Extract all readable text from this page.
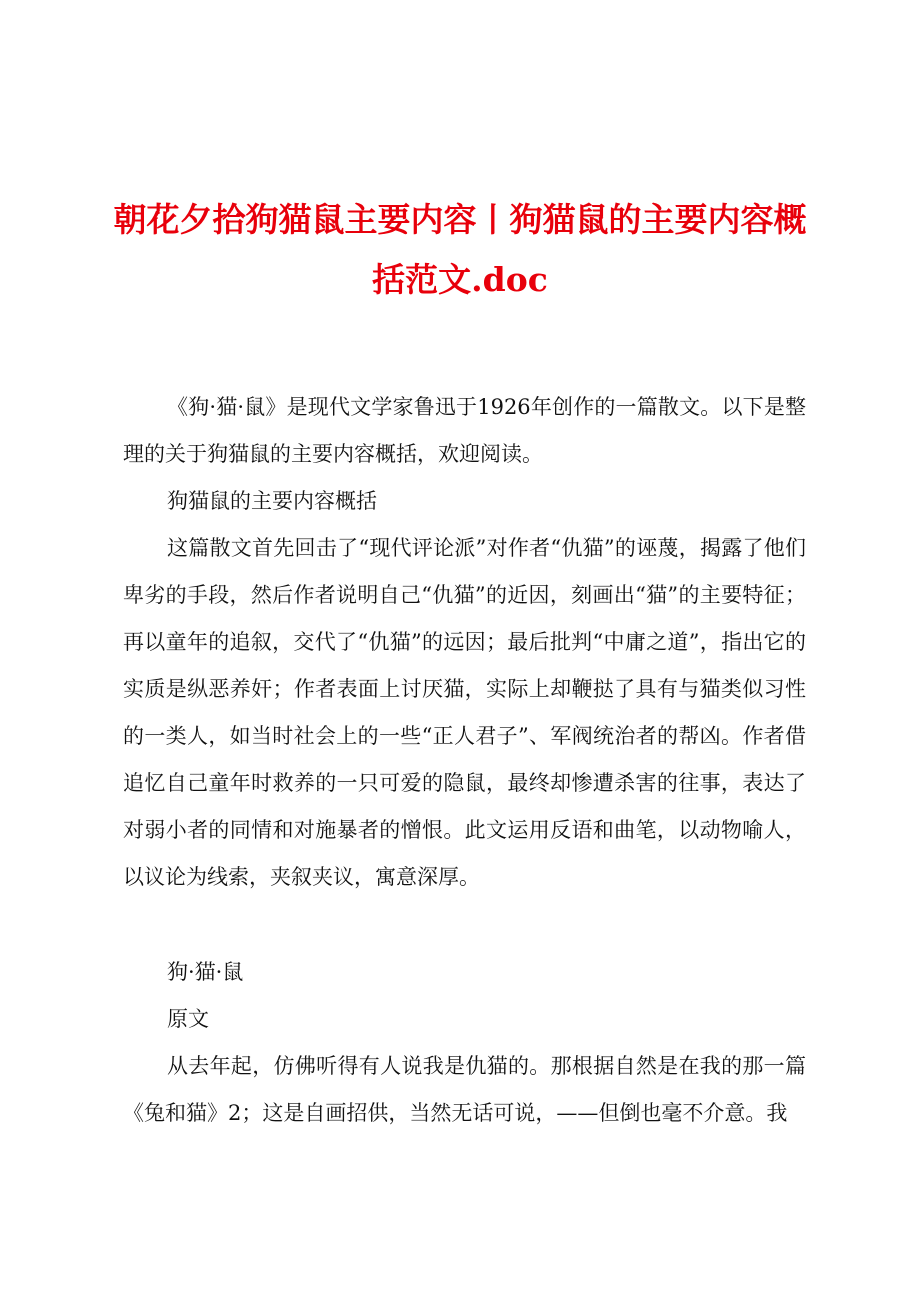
朝花夕拾狗猫鼠主要内容丨狗猫鼠的主要内容概括范文.doc

《狗·猫·鼠》是现代文学家鲁迅于1926年创作的一篇散文。以下是整理的关于狗猫鼠的主要内容概括，欢迎阅读。

狗猫鼠的主要内容概括

这篇散文首先回击了“现代评论派”对作者“仇猫”的诬蔑，揭露了他们卑劣的手段，然后作者说明自己“仇猫”的近因，刻画出“猫”的主要特征；再以童年的追叙，交代了“仇猫”的远因；最后批判“中庸之道”，指出它的实质是纵恶养奸；作者表面上讨厌猫，实际上却鞭挞了具有与猫类似习性的一类人，如当时社会上的一些“正人君子”、军阀统治者的帮凶。作者借追忆自己童年时救养的一只可爱的隐鼠，最终却惨遭杀害的往事，表达了对弱小者的同情和对施暴者的憎恨。此文运用反语和曲笔，以动物喻人，以议论为线索，夹叙夹议，寓意深厚。

狗·猫·鼠
原文

从去年起，仿佛听得有人说我是仇猫的。那根据自然是在我的那一篇《兔和猫》2；这是自画招供，当然无话可说，——但倒也毫不介意。我
